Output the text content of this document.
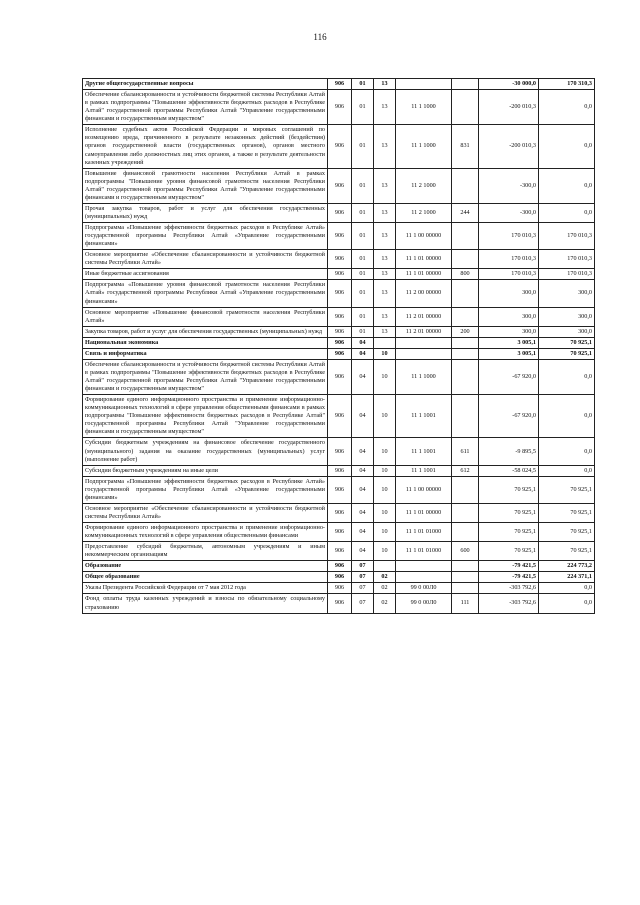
116
Другие общегосударственные вопросы	906	01	13			-30 000,0	170 310,3
Обеспечение сбалансированности и устойчивости бюджетной системы Республики Алтай в рамках подпрограммы "Повышение эффективности бюджетных расходов в Республике Алтай" государственной программы Республики Алтай "Управление государственными финансами и государственным имуществом"	906	01	13	11 1 1000		-200 010,3	0,0
Исполнение судебных актов Российской Федерации и мировых соглашений по возмещению вреда, причиненного в результате незаконных действий (бездействия) органов государственной власти (государственных органов), органов местного самоуправления либо должностных лиц этих органов, а также в результате деятельности казенных учреждений	906	01	13	11 1 1000	831	-200 010,3	0,0
Повышение финансовой грамотности населения Республики Алтай в рамках подпрограммы "Повышение уровня финансовой грамотности населения Республики Алтай" государственной программы Республики Алтай "Управление государственными финансами и государственным имуществом"	906	01	13	11 2 1000		-300,0	0,0
Прочая закупка товаров, работ и услуг для обеспечения государственных (муниципальных) нужд	906	01	13	11 2 1000	244	-300,0	0,0
Подпрограмма «Повышение эффективности бюджетных расходов в Республике Алтай» государственной программы Республики Алтай «Управление государственными финансами»	906	01	13	11 1 00 00000		170 010,3	170 010,3
Основное мероприятие «Обеспечение сбалансированности и устойчивости бюджетной системы Республики Алтай»	906	01	13	11 1 01 00000		170 010,3	170 010,3
Иные бюджетные ассигнования	906	01	13	11 1 01 00000	800	170 010,3	170 010,3
Подпрограмма «Повышение уровня финансовой грамотности населения Республики Алтай» государственной программы Республики Алтай «Управление государственными финансами»	906	01	13	11 2 00 00000		300,0	300,0
Основное мероприятие «Повышение финансовой грамотности населения Республики Алтай»	906	01	13	11 2 01 00000		300,0	300,0
Закупка товаров, работ и услуг для обеспечения государственных (муниципальных) нужд	906	01	13	11 2 01 00000	200	300,0	300,0
Национальная экономика	906	04				3 005,1	70 925,1
Связь и информатика	906	04	10			3 005,1	70 925,1
Обеспечение сбалансированности и устойчивости бюджетной системы Республики Алтай в рамках подпрограммы "Повышение эффективности бюджетных расходов в Республике Алтай" государственной программы Республики Алтай "Управление государственными финансами и государственным имуществом"	906	04	10	11 1 1000		-67 920,0	0,0
Формирование единого информационного пространства и применение информационно-коммуникационных технологий в сфере управления общественными финансами в рамках подпрограммы "Повышение эффективности бюджетных расходов в Республике Алтай" государственной программы Республики Алтай "Управление государственными финансами и государственным имуществом"	906	04	10	11 1 1001		-67 920,0	0,0
Субсидии бюджетным учреждениям на финансовое обеспечение государственного (муниципального) задания на оказание государственных (муниципальных) услуг (выполнение работ)	906	04	10	11 1 1001	611	-9 895,5	0,0
Субсидии бюджетным учреждениям на иные цели	906	04	10	11 1 1001	612	-58 024,5	0,0
Подпрограмма «Повышение эффективности бюджетных расходов в Республике Алтай» государственной программы Республики Алтай «Управление государственными финансами»	906	04	10	11 1 00 00000		70 925,1	70 925,1
Основное мероприятие «Обеспечение сбалансированности и устойчивости бюджетной системы Республики Алтай»	906	04	10	11 1 01 00000		70 925,1	70 925,1
Формирование единого информационного пространства и применение информационно-коммуникационных технологий в сфере управления общественными финансами	906	04	10	11 1 01 01000		70 925,1	70 925,1
Предоставление субсидий бюджетным, автономным учреждениям и иным некоммерческим организациям	906	04	10	11 1 01 01000	600	70 925,1	70 925,1
Образование	906	07				-79 421,5	224 773,2
Общее образование	906	07	02			-79 421,5	224 371,1
Указы Президента Российской Федерации от 7 мая 2012 года	906	07	02	99 0 00Л0		-303 792,6	0,0
Фонд оплаты труда казенных учреждений и взносы по обязательному социальному страхованию	906	07	02	99 0 00Л0	111	-303 792,6	0,0
